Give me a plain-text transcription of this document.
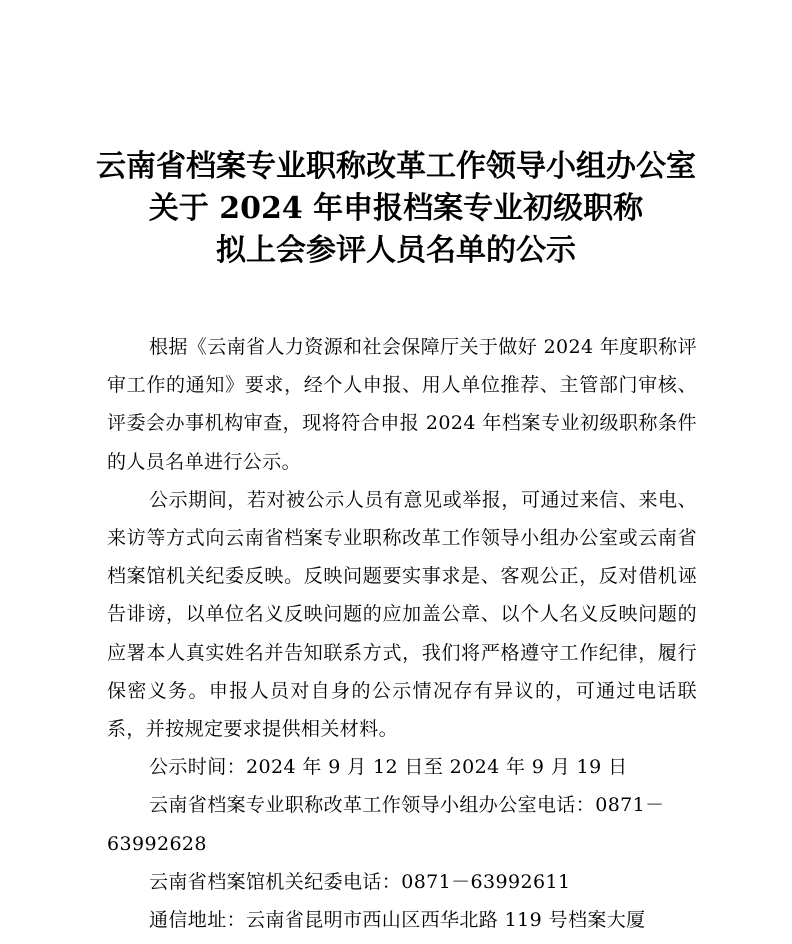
云南省档案专业职称改革工作领导小组办公室
关于 2024 年申报档案专业初级职称
拟上会参评人员名单的公示

根据《云南省人力资源和社会保障厅关于做好 2024 年度职称评审工作的通知》要求，经个人申报、用人单位推荐、主管部门审核、评委会办事机构审查，现将符合申报 2024 年档案专业初级职称条件的人员名单进行公示。

公示期间，若对被公示人员有意见或举报，可通过来信、来电、来访等方式向云南省档案专业职称改革工作领导小组办公室或云南省档案馆机关纪委反映。反映问题要实事求是、客观公正，反对借机诬告诽谤，以单位名义反映问题的应加盖公章、以个人名义反映问题的应署本人真实姓名并告知联系方式，我们将严格遵守工作纪律，履行保密义务。申报人员对自身的公示情况存有异议的，可通过电话联系，并按规定要求提供相关材料。

公示时间：2024 年 9 月 12 日至 2024 年 9 月 19 日

云南省档案专业职称改革工作领导小组办公室电话：0871－

63992628

云南省档案馆机关纪委电话：0871－63992611

通信地址：云南省昆明市西山区西华北路 119 号档案大厦
